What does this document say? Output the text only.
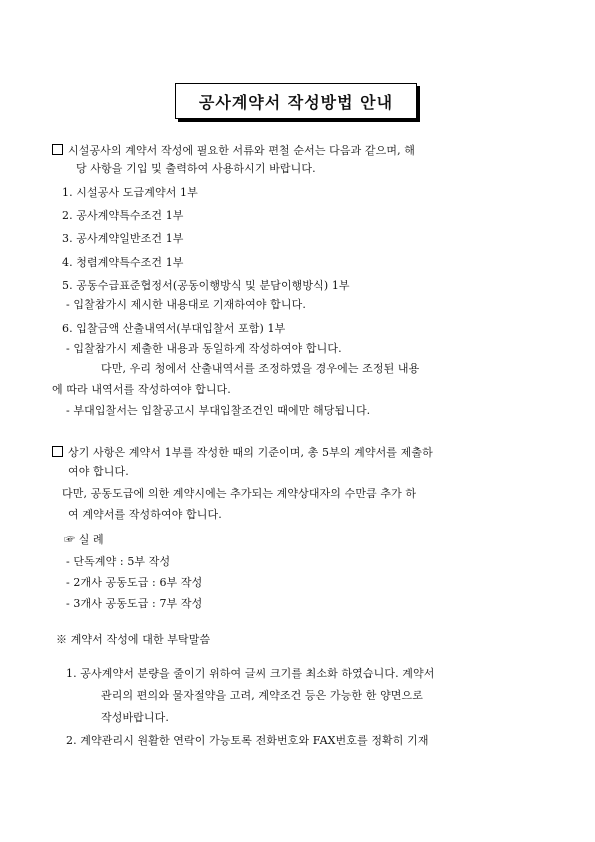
공사계약서 작성방법 안내
시설공사의 계약서 작성에 필요한 서류와 편철 순서는 다음과 같으며, 해
당 사항을 기입 및 출력하여 사용하시기 바랍니다.
1. 시설공사 도급계약서 1부
2. 공사계약특수조건 1부
3. 공사계약일반조건 1부
4. 청렴계약특수조건 1부
5. 공동수급표준협정서(공동이행방식 및 분담이행방식) 1부
- 입찰참가시 제시한 내용대로 기재하여야 합니다.
6. 입찰금액 산출내역서(부대입찰서 포함) 1부
- 입찰참가시 제출한 내용과 동일하게 작성하여야 합니다.
다만, 우리 청에서 산출내역서를 조정하였을 경우에는 조정된 내용
에 따라 내역서를 작성하여야 합니다.
- 부대입찰서는 입찰공고시 부대입찰조건인 때에만 해당됩니다.
상기 사항은 계약서 1부를 작성한 때의 기준이며, 총 5부의 계약서를 제출하
여야 합니다.
다만, 공동도급에 의한 계약시에는 추가되는 계약상대자의 수만큼 추가 하
여 계약서를 작성하여야 합니다.
☞ 실 례
- 단독계약 : 5부 작성
- 2개사 공동도급 : 6부 작성
- 3개사 공동도급 : 7부 작성
※ 계약서 작성에 대한 부탁말씀
1. 공사계약서 분량을 줄이기 위하여 글씨 크기를 최소화 하였습니다. 계약서
관리의 편의와 물자절약을 고려, 계약조건 등은 가능한 한 양면으로
작성바랍니다.
2. 계약관리시 원활한 연락이 가능토록 전화번호와 FAX번호를 정확히 기재
